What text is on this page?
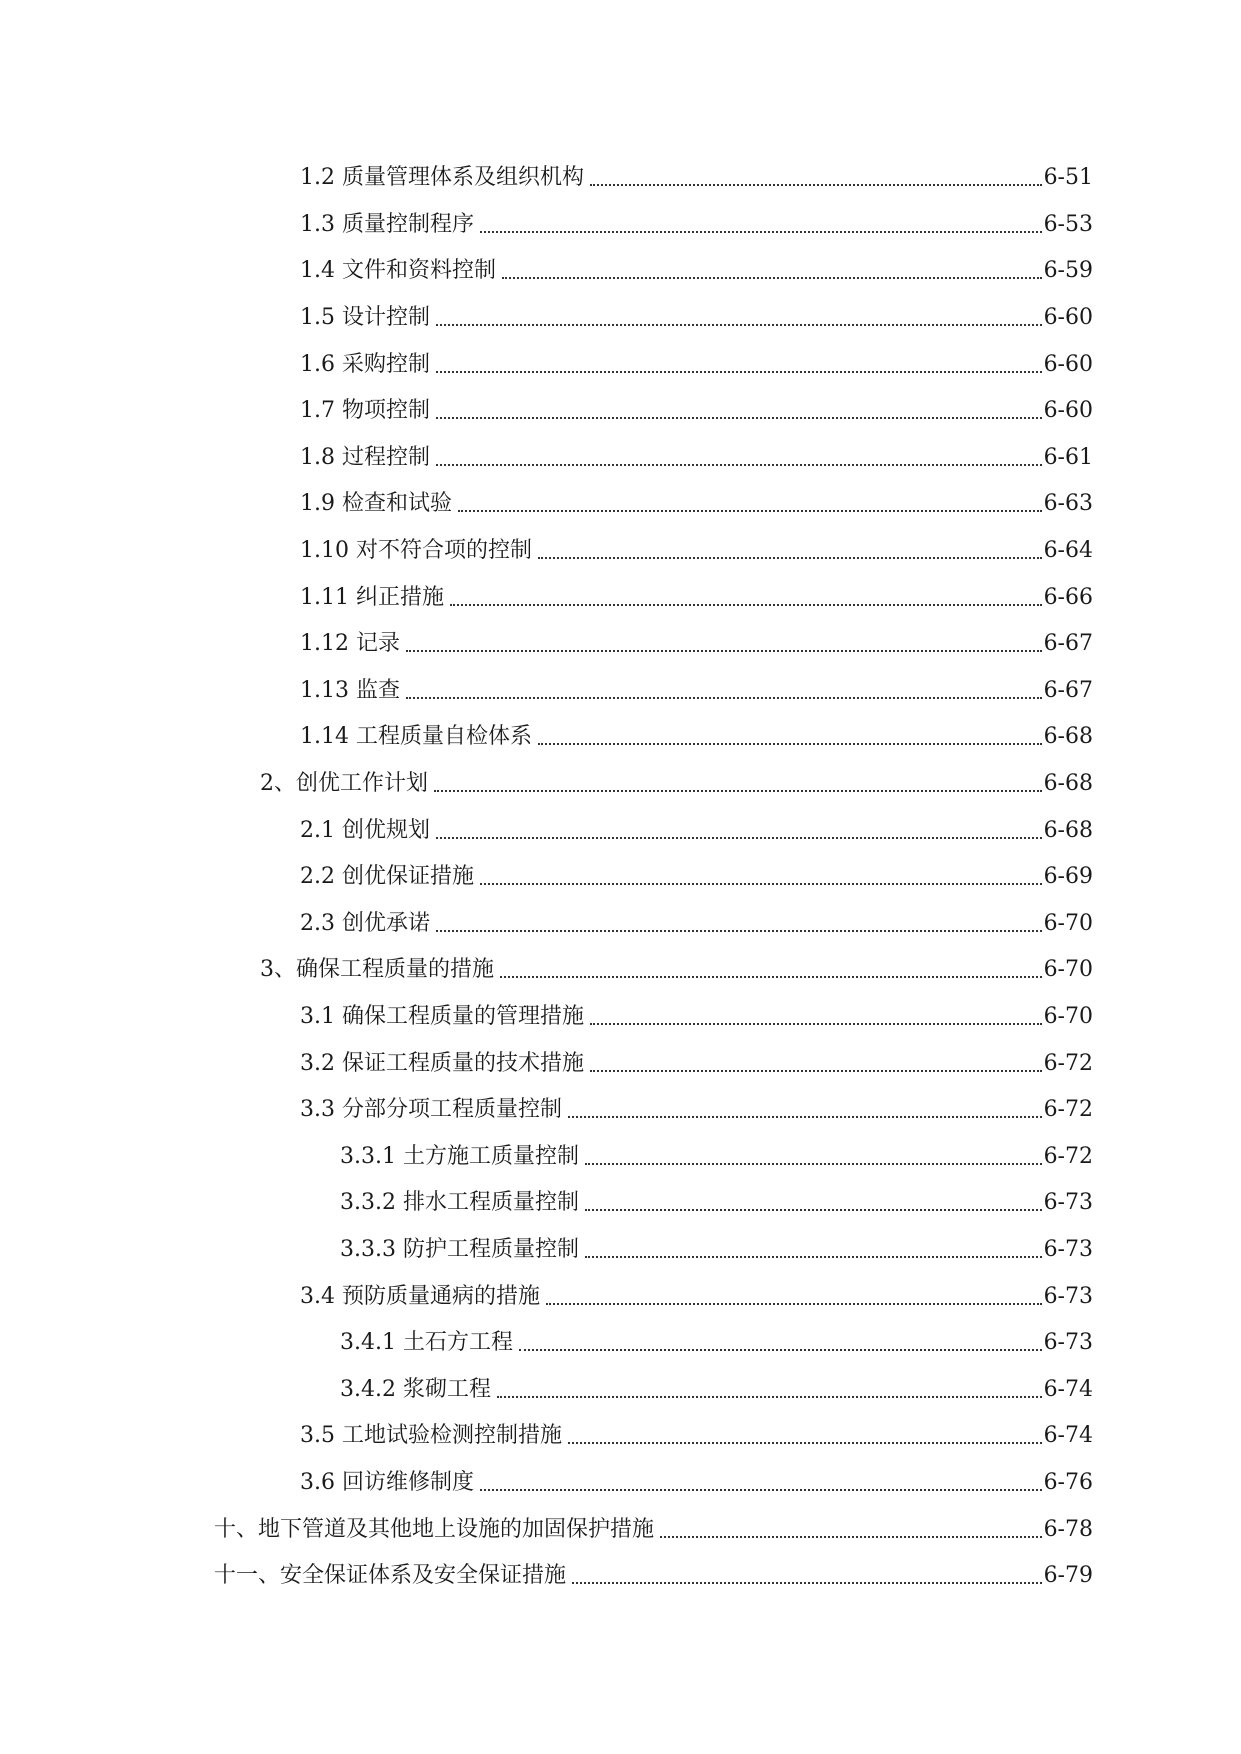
1.2 质量管理体系及组织机构	6-51
1.3 质量控制程序	6-53
1.4 文件和资料控制	6-59
1.5 设计控制	6-60
1.6 采购控制	6-60
1.7 物项控制	6-60
1.8 过程控制	6-61
1.9 检查和试验	6-63
1.10 对不符合项的控制	6-64
1.11 纠正措施	6-66
1.12 记录	6-67
1.13 监查	6-67
1.14 工程质量自检体系	6-68
2、创优工作计划	6-68
2.1 创优规划	6-68
2.2 创优保证措施	6-69
2.3 创优承诺	6-70
3、确保工程质量的措施	6-70
3.1 确保工程质量的管理措施	6-70
3.2 保证工程质量的技术措施	6-72
3.3 分部分项工程质量控制	6-72
3.3.1 土方施工质量控制	6-72
3.3.2 排水工程质量控制	6-73
3.3.3 防护工程质量控制	6-73
3.4 预防质量通病的措施	6-73
3.4.1 土石方工程	6-73
3.4.2 浆砌工程	6-74
3.5 工地试验检测控制措施	6-74
3.6 回访维修制度	6-76
十、地下管道及其他地上设施的加固保护措施	6-78
十一、安全保证体系及安全保证措施	6-79
